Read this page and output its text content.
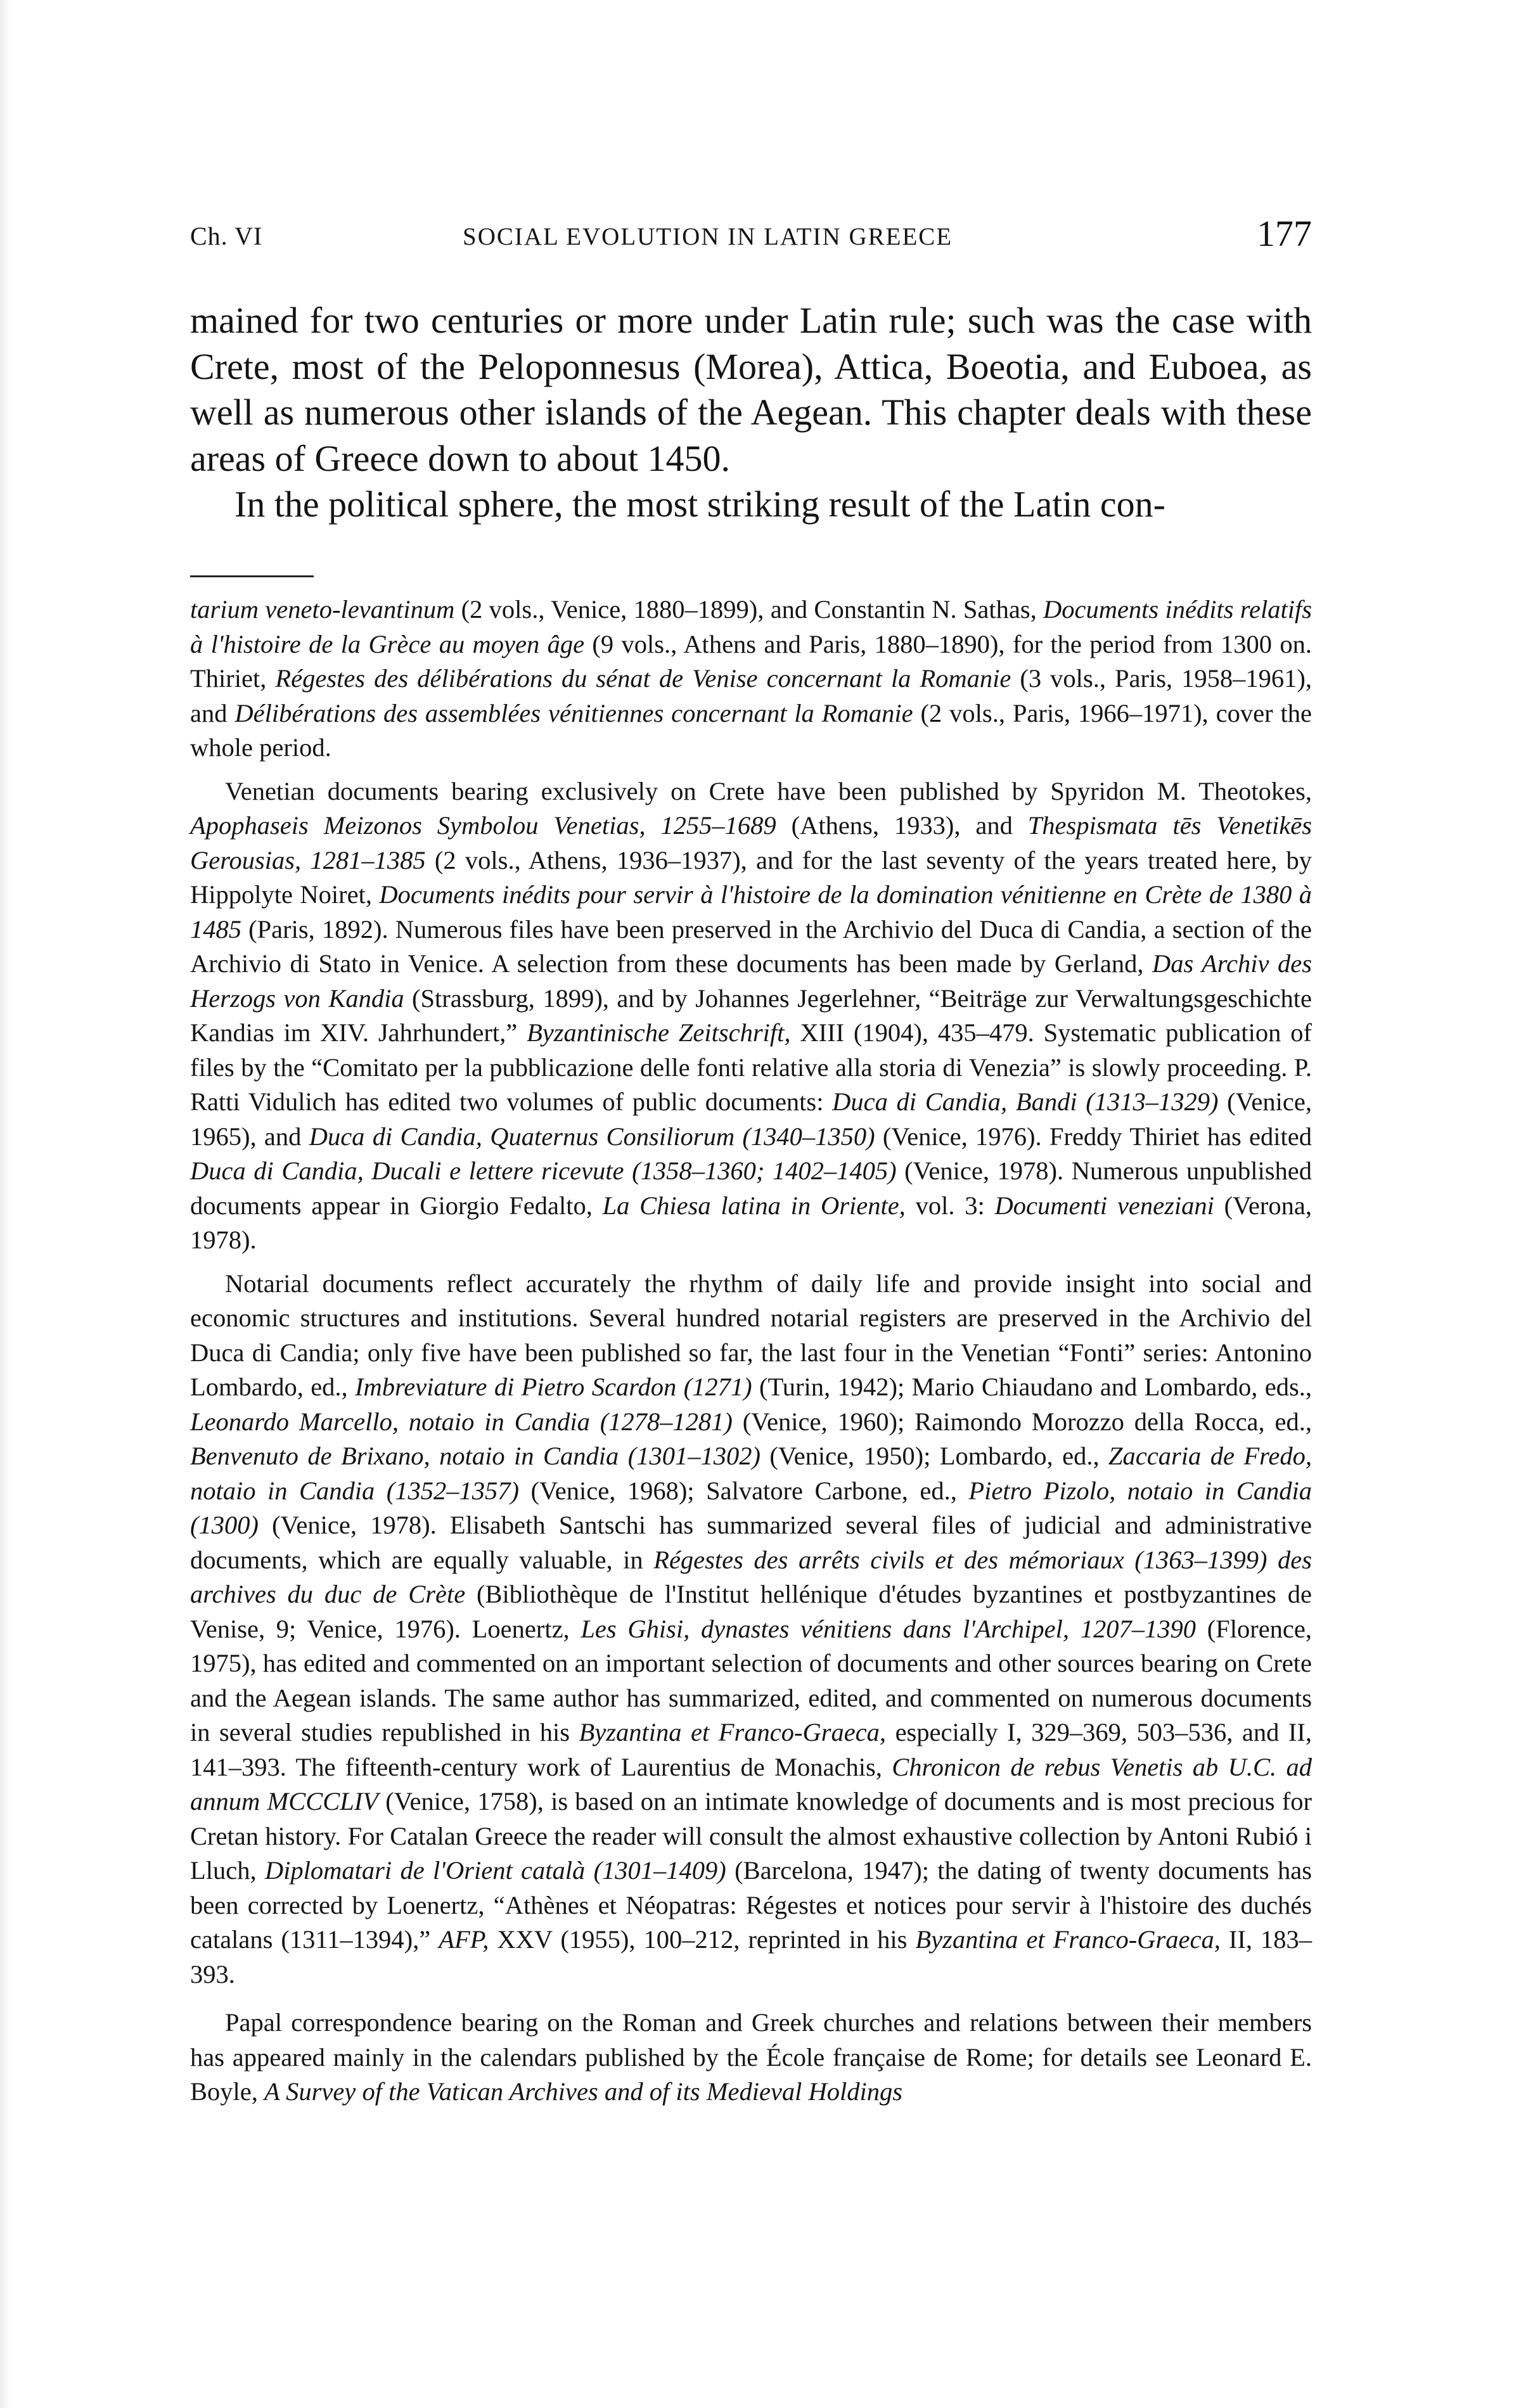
Ch. VI	SOCIAL EVOLUTION IN LATIN GREECE	177

mained for two centuries or more under Latin rule; such was the case with Crete, most of the Peloponnesus (Morea), Attica, Boeotia, and Euboea, as well as numerous other islands of the Aegean. This chapter deals with these areas of Greece down to about 1450.

In the political sphere, the most striking result of the Latin con-

tarium veneto-levantinum (2 vols., Venice, 1880–1899), and Constantin N. Sathas, Documents inédits relatifs à l'histoire de la Grèce au moyen âge (9 vols., Athens and Paris, 1880–1890), for the period from 1300 on. Thiriet, Régestes des délibérations du sénat de Venise concernant la Romanie (3 vols., Paris, 1958–1961), and Délibérations des assemblées vénitiennes concernant la Romanie (2 vols., Paris, 1966–1971), cover the whole period.

Venetian documents bearing exclusively on Crete have been published by Spyridon M. Theotokes, Apophaseis Meizonos Symbolou Venetias, 1255–1689 (Athens, 1933), and Thespismata tēs Venetikēs Gerousias, 1281–1385 (2 vols., Athens, 1936–1937), and for the last seventy of the years treated here, by Hippolyte Noiret, Documents inédits pour servir à l'histoire de la domination vénitienne en Crète de 1380 à 1485 (Paris, 1892). Numerous files have been preserved in the Archivio del Duca di Candia, a section of the Archivio di Stato in Venice. A selection from these documents has been made by Gerland, Das Archiv des Herzogs von Kandia (Strassburg, 1899), and by Johannes Jegerlehner, “Beiträge zur Verwaltungsgeschichte Kandias im XIV. Jahrhundert,” Byzantinische Zeitschrift, XIII (1904), 435–479. Systematic publication of files by the “Comitato per la pubblicazione delle fonti relative alla storia di Venezia” is slowly proceeding. P. Ratti Vidulich has edited two volumes of public documents: Duca di Candia, Bandi (1313–1329) (Venice, 1965), and Duca di Candia, Quaternus Consiliorum (1340–1350) (Venice, 1976). Freddy Thiriet has edited Duca di Candia, Ducali e lettere ricevute (1358–1360; 1402–1405) (Venice, 1978). Numerous unpublished documents appear in Giorgio Fedalto, La Chiesa latina in Oriente, vol. 3: Documenti veneziani (Verona, 1978).

Notarial documents reflect accurately the rhythm of daily life and provide insight into social and economic structures and institutions. Several hundred notarial registers are preserved in the Archivio del Duca di Candia; only five have been published so far, the last four in the Venetian “Fonti” series: Antonino Lombardo, ed., Imbreviature di Pietro Scardon (1271) (Turin, 1942); Mario Chiaudano and Lombardo, eds., Leonardo Marcello, notaio in Candia (1278–1281) (Venice, 1960); Raimondo Morozzo della Rocca, ed., Benvenuto de Brixano, notaio in Candia (1301–1302) (Venice, 1950); Lombardo, ed., Zaccaria de Fredo, notaio in Candia (1352–1357) (Venice, 1968); Salvatore Carbone, ed., Pietro Pizolo, notaio in Candia (1300) (Venice, 1978). Elisabeth Santschi has summarized several files of judicial and administrative documents, which are equally valuable, in Régestes des arrêts civils et des mémoriaux (1363–1399) des archives du duc de Crète (Bibliothèque de l'Institut hellénique d'études byzantines et postbyzantines de Venise, 9; Venice, 1976). Loenertz, Les Ghisi, dynastes vénitiens dans l'Archipel, 1207–1390 (Florence, 1975), has edited and commented on an important selection of documents and other sources bearing on Crete and the Aegean islands. The same author has summarized, edited, and commented on numerous documents in several studies republished in his Byzantina et Franco-Graeca, especially I, 329–369, 503–536, and II, 141–393. The fifteenth-century work of Laurentius de Monachis, Chronicon de rebus Venetis ab U.C. ad annum MCCCLIV (Venice, 1758), is based on an intimate knowledge of documents and is most precious for Cretan history. For Catalan Greece the reader will consult the almost exhaustive collection by Antoni Rubió i Lluch, Diplomatari de l'Orient català (1301–1409) (Barcelona, 1947); the dating of twenty documents has been corrected by Loenertz, “Athènes et Néopatras: Régestes et notices pour servir à l'histoire des duchés catalans (1311–1394),” AFP, XXV (1955), 100–212, reprinted in his Byzantina et Franco-Graeca, II, 183–393.

Papal correspondence bearing on the Roman and Greek churches and relations between their members has appeared mainly in the calendars published by the École française de Rome; for details see Leonard E. Boyle, A Survey of the Vatican Archives and of its Medieval Holdings
